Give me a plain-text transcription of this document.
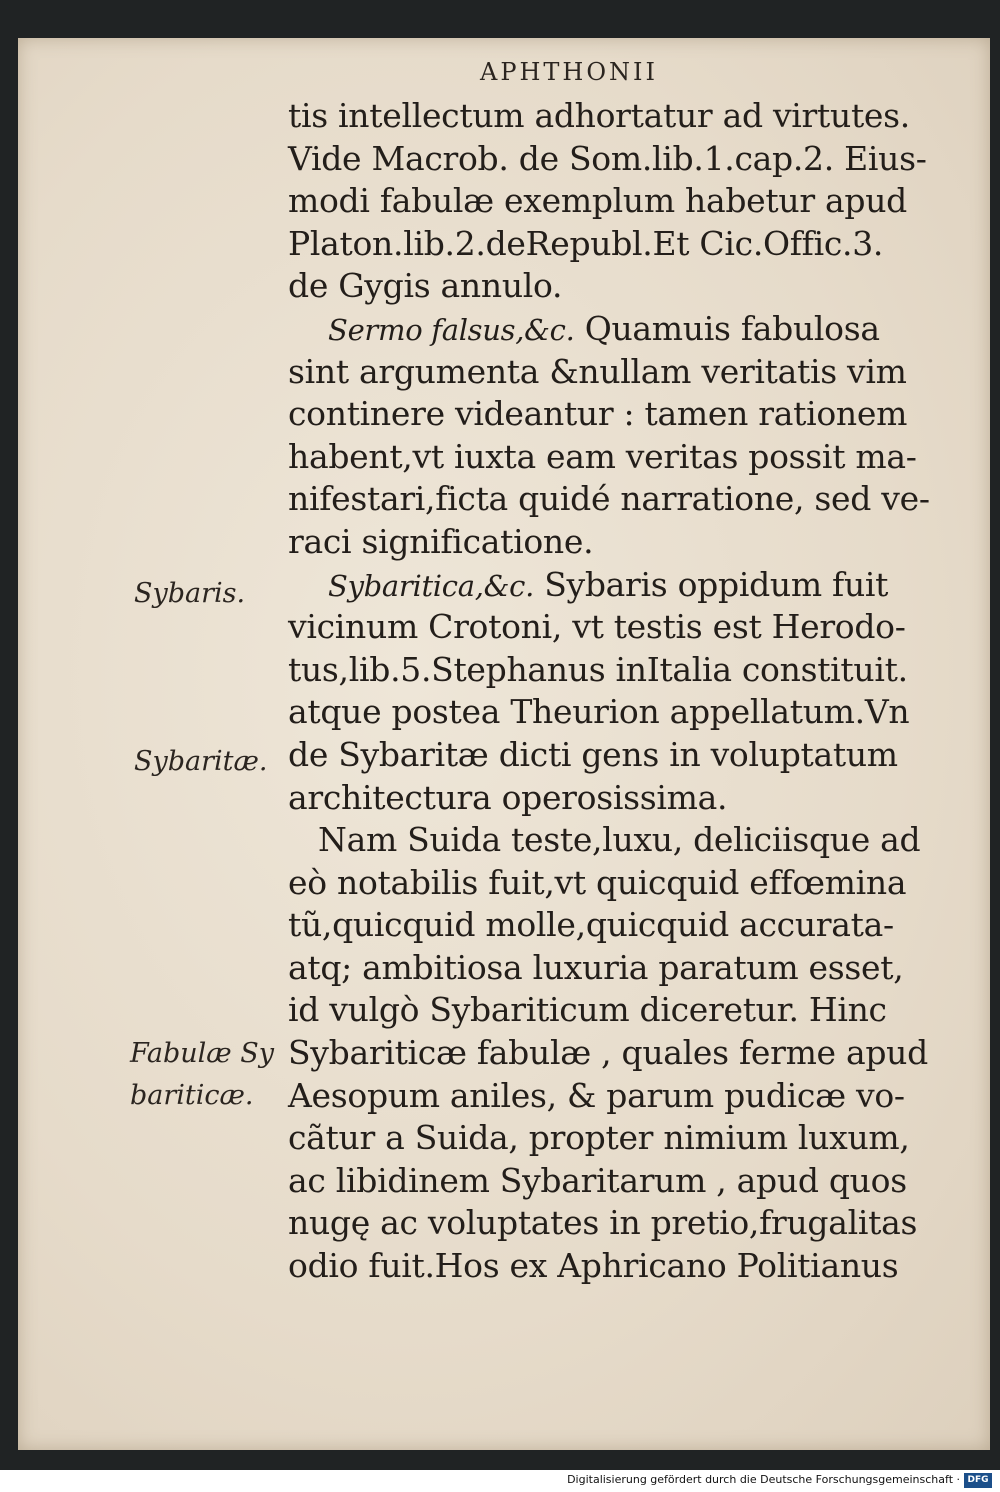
APHTHONII
tis intellectum adhortatur ad virtutes.
Vide Macrob. de Som.lib.1.cap.2. Eius-
modi fabulæ exemplum habetur apud
Platon.lib.2.deRepubl.Et Cic.Offic.3.
de Gygis annulo.
Sermo falsus,&c. Quamuis fabulosa
sint argumenta &nullam veritatis vim
continere videantur : tamen rationem
habent,vt iuxta eam veritas possit ma-
nifestari,ficta quidé narratione, sed ve-
raci significatione.
Sybaritica,&c. Sybaris oppidum fuit
vicinum Crotoni, vt testis est Herodo-
tus,lib.5.Stephanus inItalia constituit.
atque postea Theurion appellatum.Vn
de Sybaritæ dicti gens in voluptatum
architectura operosissima.
Nam Suida teste,luxu, deliciisque ad
eò notabilis fuit,vt quicquid effœmina
tũ,quicquid molle,quicquid accurata-
atq; ambitiosa luxuria paratum esset,
id vulgò Sybariticum diceretur. Hinc
Sybariticæ fabulæ , quales ferme apud
Aesopum aniles, & parum pudicæ vo-
cãtur a Suida, propter nimium luxum,
ac libidinem Sybaritarum , apud quos
nugę ac voluptates in pretio,frugalitas
odio fuit.Hos ex Aphricano Politianus
Sybaris.
Sybaritæ.
Fabulæ Sy
bariticæ.
Digitalisierung gefördert durch die Deutsche Forschungsgemeinschaft · DFG
